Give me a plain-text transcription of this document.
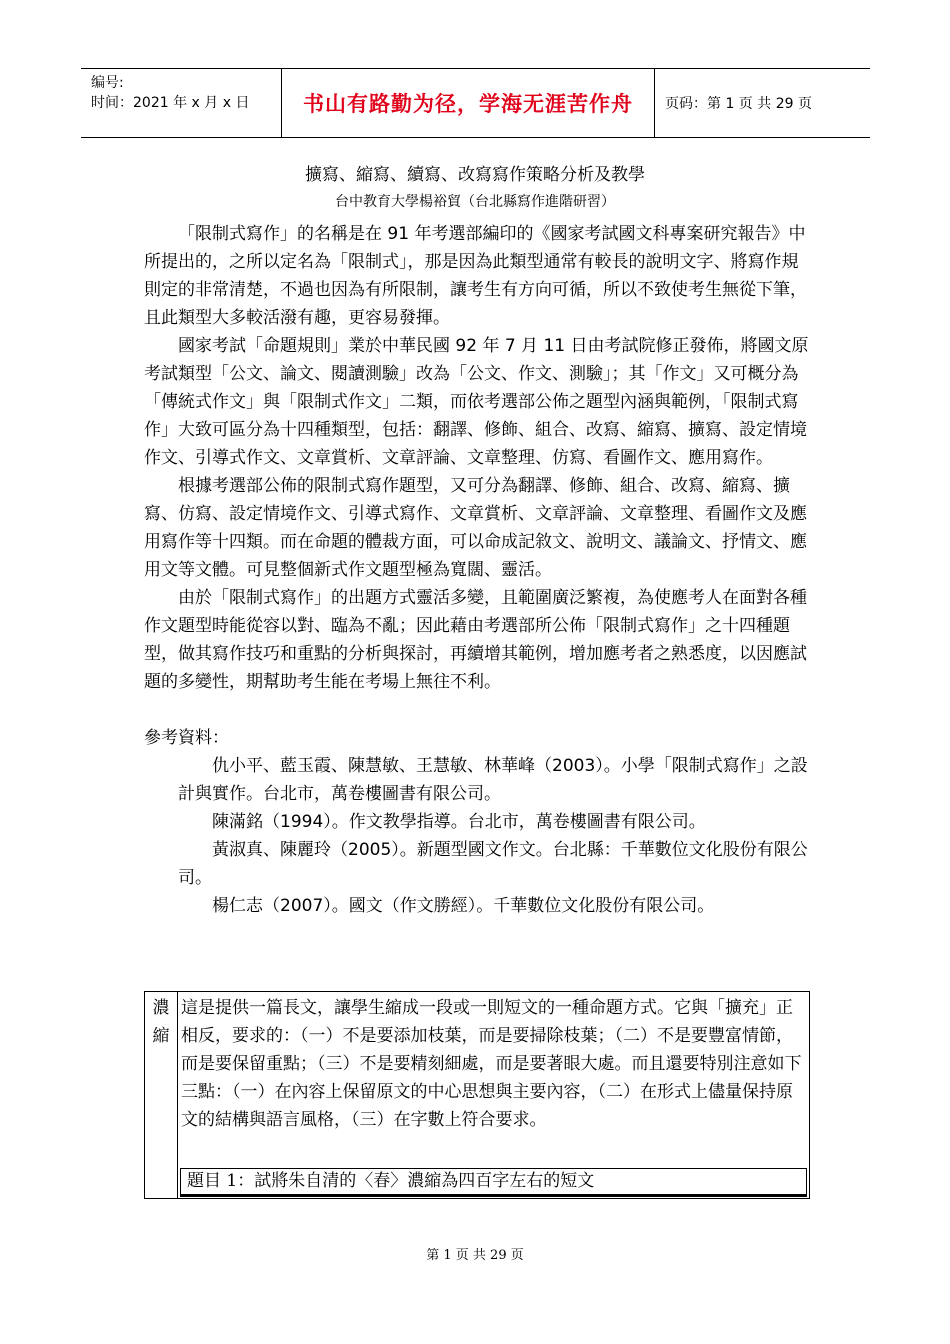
编号:
时间：2021 年 x 月 x 日	书山有路勤为径，学海无涯苦作舟	页码：第 1 页 共 29 页
擴寫、縮寫、續寫、改寫寫作策略分析及教學
台中教育大學楊裕貿（台北縣寫作進階研習）

「限制式寫作」的名稱是在 91 年考選部編印的《國家考試國文科專案研究報告》中所提出的，之所以定名為「限制式」，那是因為此類型通常有較長的說明文字、將寫作規則定的非常清楚，不過也因為有所限制，讓考生有方向可循，所以不致使考生無從下筆，且此類型大多較活潑有趣，更容易發揮。

國家考試「命題規則」業於中華民國 92 年 7 月 11 日由考試院修正發佈，將國文原考試類型「公文、論文、閱讀測驗」改為「公文、作文、測驗」；其「作文」又可概分為「傳統式作文」與「限制式作文」二類，而依考選部公佈之題型內涵與範例，「限制式寫作」大致可區分為十四種類型，包括：翻譯、修飾、組合、改寫、縮寫、擴寫、設定情境作文、引導式作文、文章賞析、文章評論、文章整理、仿寫、看圖作文、應用寫作。

根據考選部公佈的限制式寫作題型，又可分為翻譯、修飾、組合、改寫、縮寫、擴寫、仿寫、設定情境作文、引導式寫作、文章賞析、文章評論、文章整理、看圖作文及應用寫作等十四類。而在命題的體裁方面，可以命成記敘文、說明文、議論文、抒情文、應用文等文體。可見整個新式作文題型極為寬闊、靈活。

由於「限制式寫作」的出題方式靈活多變，且範圍廣泛繁複，為使應考人在面對各種作文題型時能從容以對、臨為不亂；因此藉由考選部所公佈「限制式寫作」之十四種題型，做其寫作技巧和重點的分析與探討，再續增其範例，增加應考者之熟悉度，以因應試題的多變性，期幫助考生能在考場上無往不利。

參考資料：

仇小平、藍玉霞、陳慧敏、王慧敏、林華峰（2003）。小學「限制式寫作」之設計與實作。台北市，萬卷樓圖書有限公司。

陳滿銘（1994）。作文教學指導。台北市，萬卷樓圖書有限公司。

黃淑真、陳麗玲（2005）。新題型國文作文。台北縣：千華數位文化股份有限公司。

楊仁志（2007）。國文（作文勝經）。千華數位文化股份有限公司。

濃縮
這是提供一篇長文，讓學生縮成一段或一則短文的一種命題方式。它與「擴充」正相反，要求的：（一）不是要添加枝葉，而是要掃除枝葉；（二）不是要豐富情節，而是要保留重點；（三）不是要精刻細處，而是要著眼大處。而且還要特別注意如下三點：（一）在內容上保留原文的中心思想與主要內容，（二）在形式上儘量保持原文的結構與語言風格，（三）在字數上符合要求。
題目 1：試將朱自清的〈春〉濃縮為四百字左右的短文
第 1 页 共 29 页
